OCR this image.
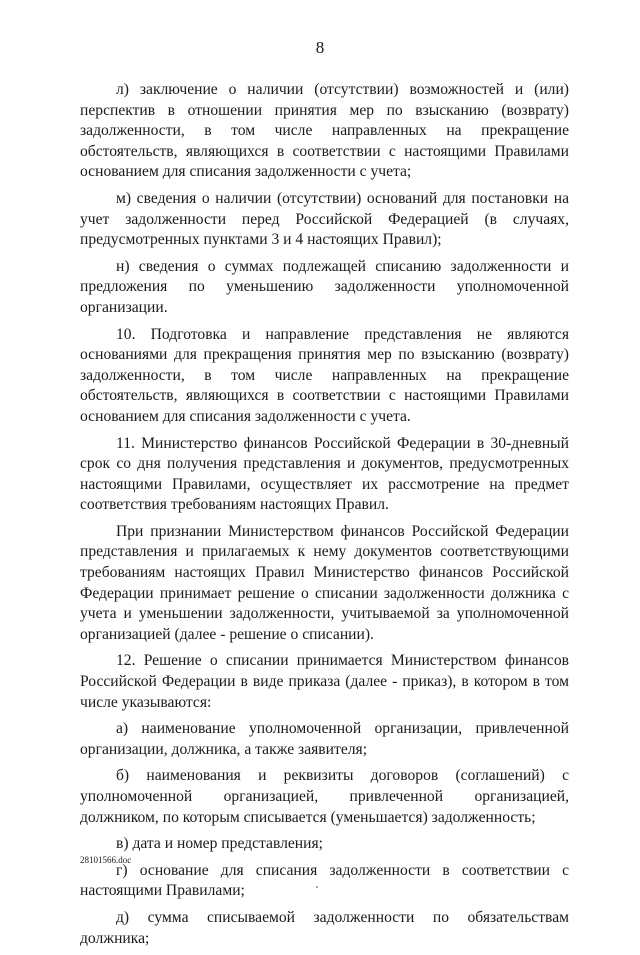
8

л) заключение о наличии (отсутствии) возможностей и (или) перспектив в отношении принятия мер по взысканию (возврату) задолженности, в том числе направленных на прекращение обстоятельств, являющихся в соответствии с настоящими Правилами основанием для списания задолженности с учета;

м) сведения о наличии (отсутствии) оснований для постановки на учет задолженности перед Российской Федерацией (в случаях, предусмотренных пунктами 3 и 4 настоящих Правил);

н) сведения о суммах подлежащей списанию задолженности и предложения по уменьшению задолженности уполномоченной организации.

10. Подготовка и направление представления не являются основаниями для прекращения принятия мер по взысканию (возврату) задолженности, в том числе направленных на прекращение обстоятельств, являющихся в соответствии с настоящими Правилами основанием для списания задолженности с учета.

11. Министерство финансов Российской Федерации в 30-дневный срок со дня получения представления и документов, предусмотренных настоящими Правилами, осуществляет их рассмотрение на предмет соответствия требованиям настоящих Правил.

При признании Министерством финансов Российской Федерации представления и прилагаемых к нему документов соответствующими требованиям настоящих Правил Министерство финансов Российской Федерации принимает решение о списании задолженности должника с учета и уменьшении задолженности, учитываемой за уполномоченной организацией (далее - решение о списании).

12. Решение о списании принимается Министерством финансов Российской Федерации в виде приказа (далее - приказ), в котором в том числе указываются:

а) наименование уполномоченной организации, привлеченной организации, должника, а также заявителя;

б) наименования и реквизиты договоров (соглашений) с уполномоченной организацией, привлеченной организацией, должником, по которым списывается (уменьшается) задолженность;

в) дата и номер представления;

г) основание для списания задолженности в соответствии с настоящими Правилами;

д) сумма списываемой задолженности по обязательствам должника;

28101566.doc
